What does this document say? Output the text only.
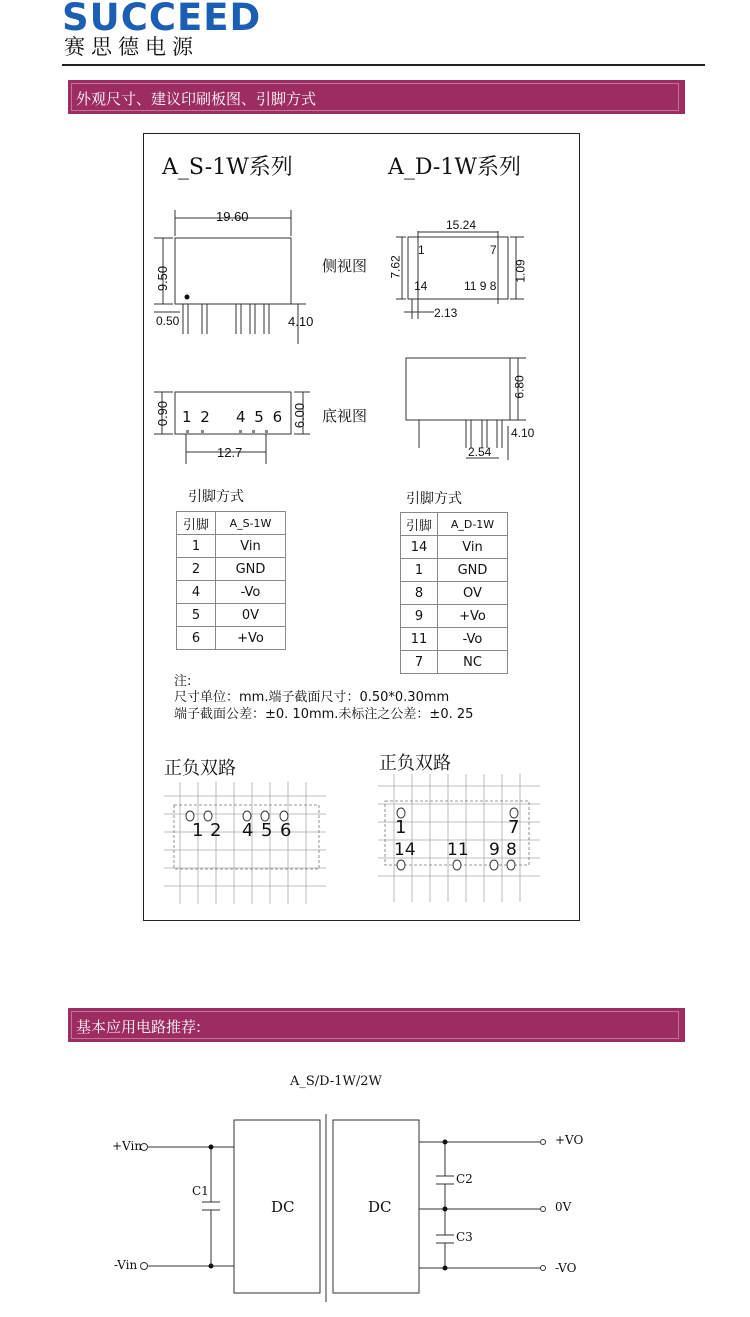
SUCCEED
赛思德电源
外观尺寸、建议印刷板图、引脚方式
A_S-1W系列	A_D-1W系列
19.60
9.50
0.50	4.10
0.90 1 2 4 5 6 6.00
12.7
侧视图
底视图
15.24
1	7
14	11 9 8
7.62	1.09
2.13
6.80
4.10
2.54
引脚方式
引脚	A_S-1W
1	Vin
2	GND
4	-Vo
5	0V
6	+Vo
引脚方式
引脚	A_D-1W
14	Vin
1	GND
8	OV
9	+Vo
11	-Vo
7	NC
注:
尺寸单位：mm.端子截面尺寸：0.50*0.30mm
端子截面公差：±0. 10mm.未标注之公差：±0. 25
正负双路	正负双路
1 2 4 5 6	1	7
14 11 9 8
基本应用电路推荐:
A_S/D-1W/2W
+Vin
-Vin
C1
C2
C3
DC	DC
+VO
0V
-VO
